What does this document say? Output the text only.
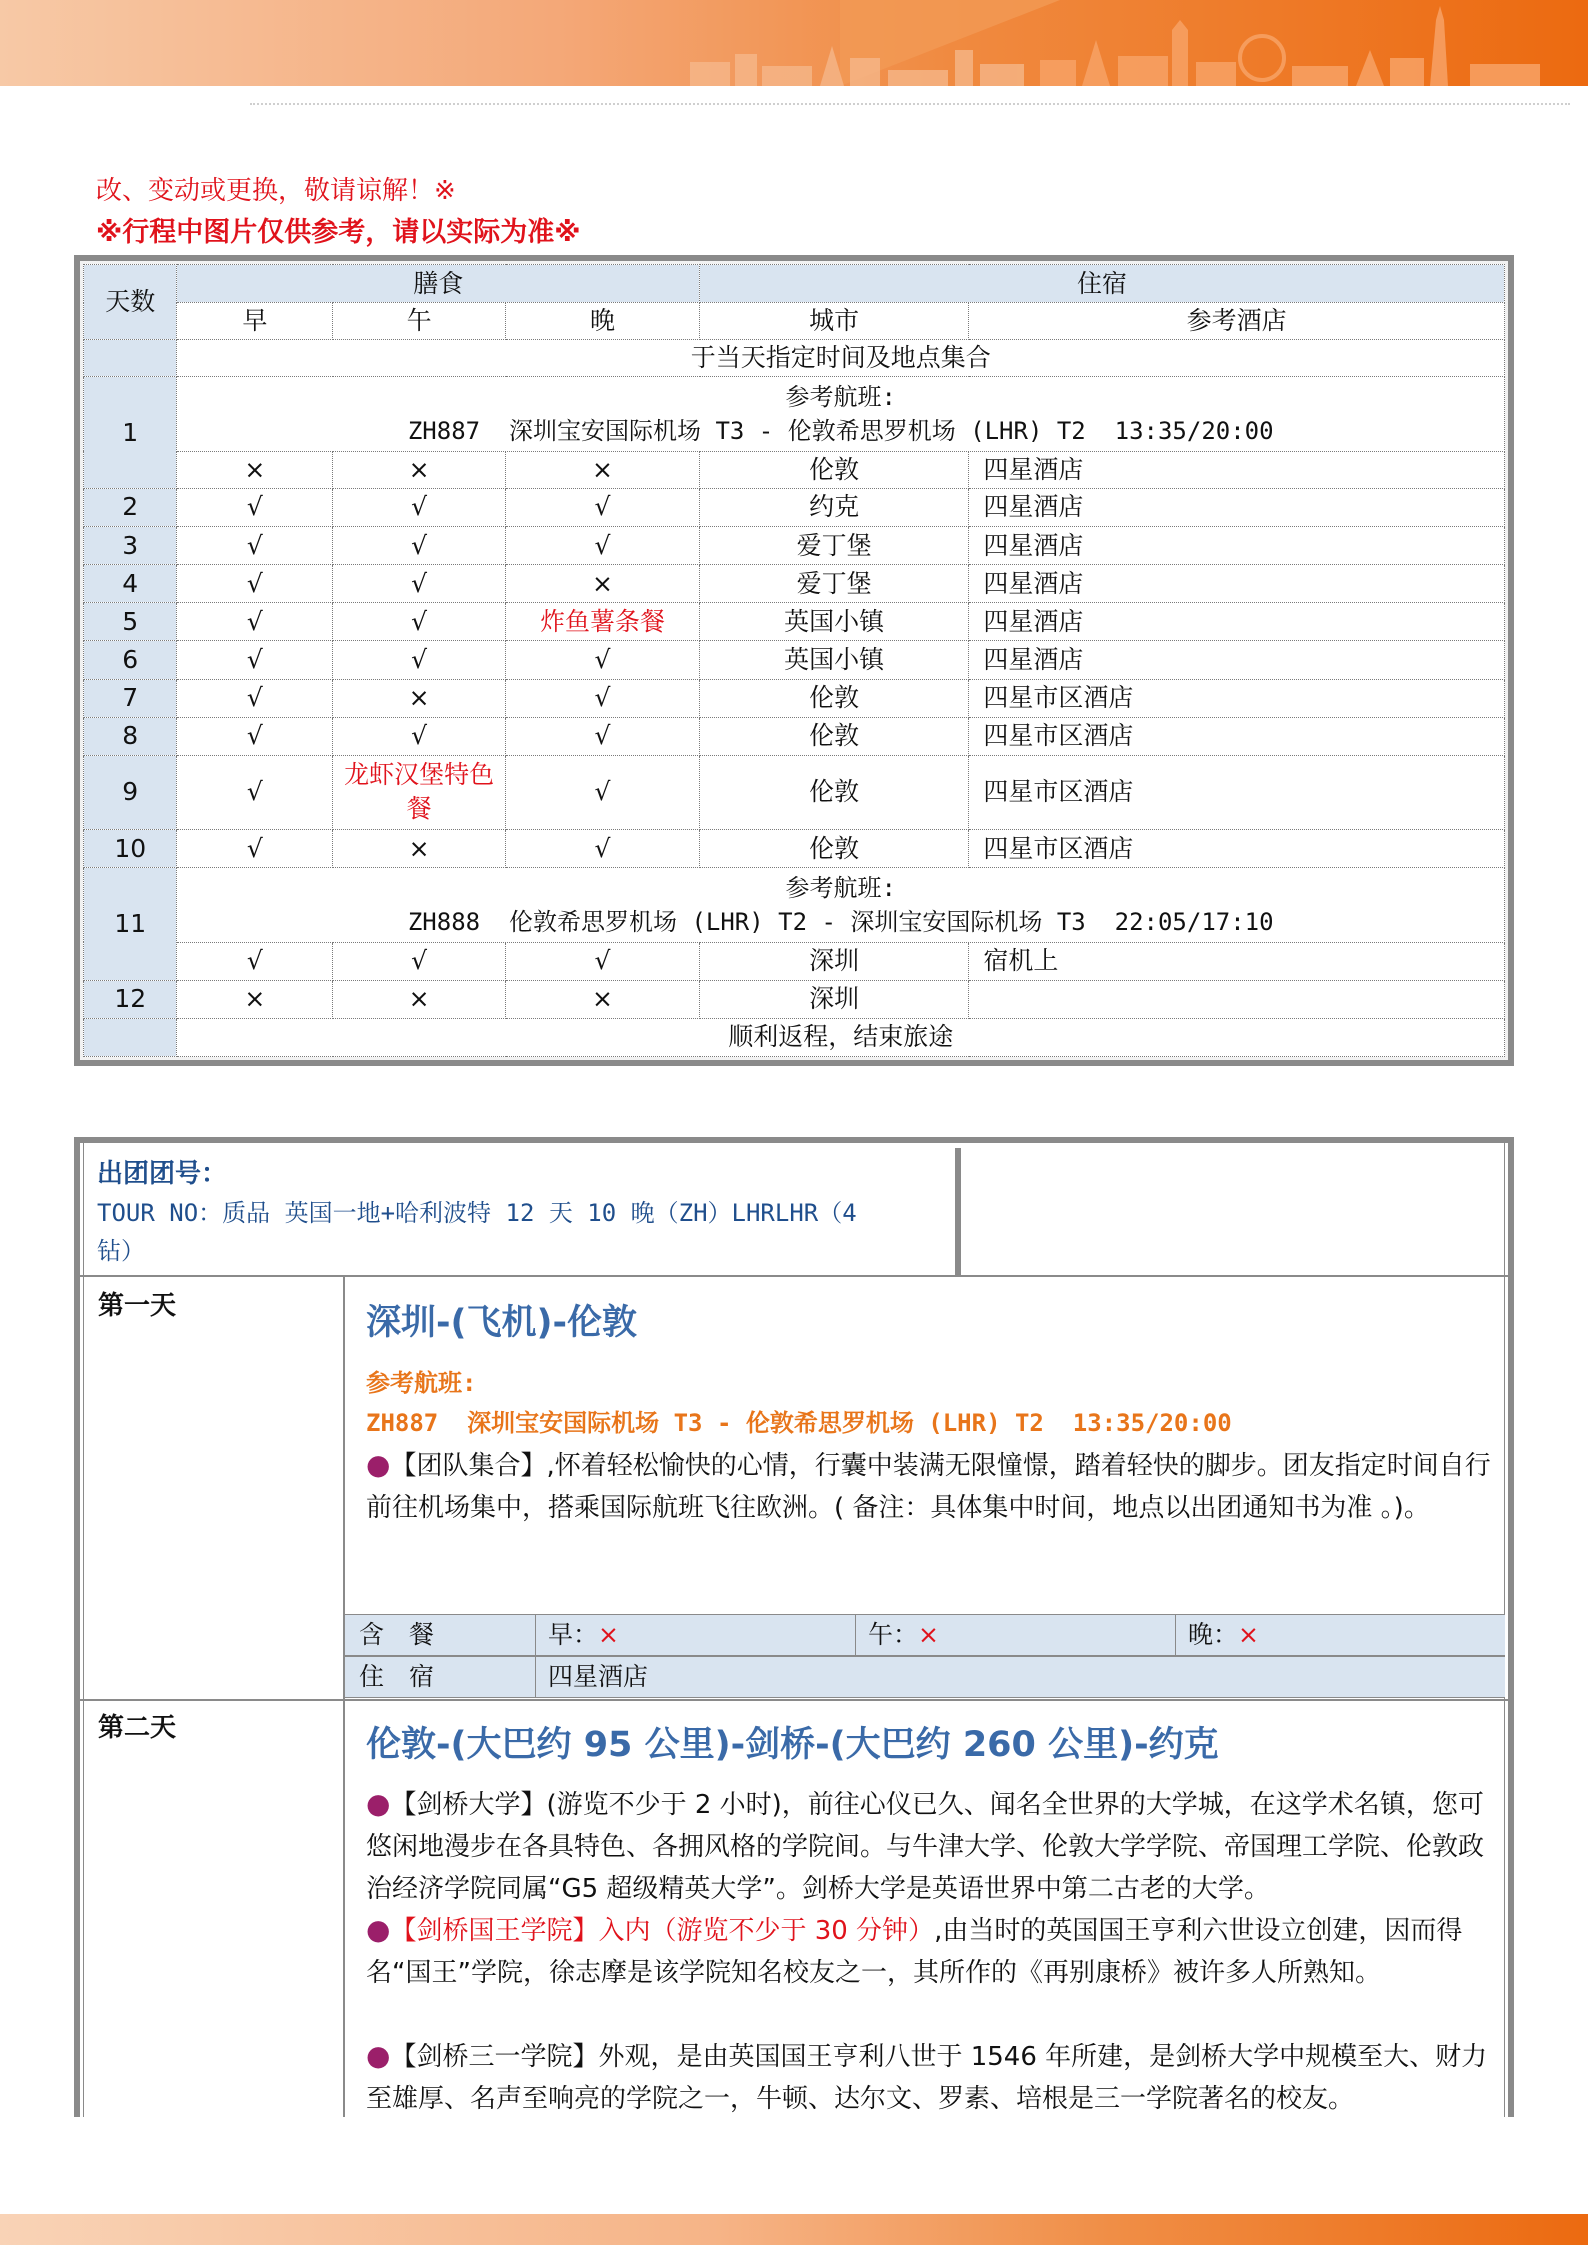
改、变动或更换，敬请谅解！※
※行程中图片仅供参考，请以实际为准※
天数	膳食			住宿	
	早	午	晚	城市	参考酒店
	于当天指定时间及地点集合				
1	参考航班:
ZH887  深圳宝安国际机场 T3 - 伦敦希思罗机场 (LHR) T2  13:35/20:00				

	×	×	×	伦敦	四星酒店
2	√	√	√	约克	四星酒店
3	√	√	√	爱丁堡	四星酒店
4	√	√	×	爱丁堡	四星酒店
5	√	√	炸鱼薯条餐	英国小镇	四星酒店
6	√	√	√	英国小镇	四星酒店
7	√	×	√	伦敦	四星市区酒店
8	√	√	√	伦敦	四星市区酒店
9	√	龙虾汉堡特色餐	√	伦敦	四星市区酒店
10	√	×	√	伦敦	四星市区酒店
11	参考航班:
ZH888  伦敦希思罗机场 (LHR) T2 - 深圳宝安国际机场 T3  22:05/17:10				

	√	√	√	深圳	宿机上
12	×	×	×	深圳	
	顺利返程，结束旅途				
出团团号：
TOUR NO：质品 英国一地+哈利波特 12 天 10 晚（ZH）LHRLHR（4
钻）
第一天	深圳-(飞机)-伦敦
参考航班:
ZH887  深圳宝安国际机场 T3 - 伦敦希思罗机场 (LHR) T2  13:35/20:00
●【团队集合】,怀着轻松愉快的心情，行囊中装满无限憧憬，踏着轻快的脚步。团友指定时间自行前往机场集中，搭乘国际航班飞往欧洲。( 备注：具体集中时间，地点以出团通知书为准 。)。
含　餐	早：×	午：×	晚：×
住　宿	四星酒店
第二天	伦敦-(大巴约 95 公里)-剑桥-(大巴约 260 公里)-约克
●【剑桥大学】(游览不少于 2 小时)，前往心仪已久、闻名全世界的大学城，在这学术名镇，您可悠闲地漫步在各具特色、各拥风格的学院间。与牛津大学、伦敦大学学院、帝国理工学院、伦敦政治经济学院同属“G5 超级精英大学”。剑桥大学是英语世界中第二古老的大学。
●【剑桥国王学院】入内（游览不少于 30 分钟）,由当时的英国国王亨利六世设立创建，因而得名“国王”学院，徐志摩是该学院知名校友之一，其所作的《再别康桥》被许多人所熟知。
●【剑桥三一学院】外观，是由英国国王亨利八世于 1546 年所建，是剑桥大学中规模至大、财力至雄厚、名声至响亮的学院之一，牛顿、达尔文、罗素、培根是三一学院著名的校友。
